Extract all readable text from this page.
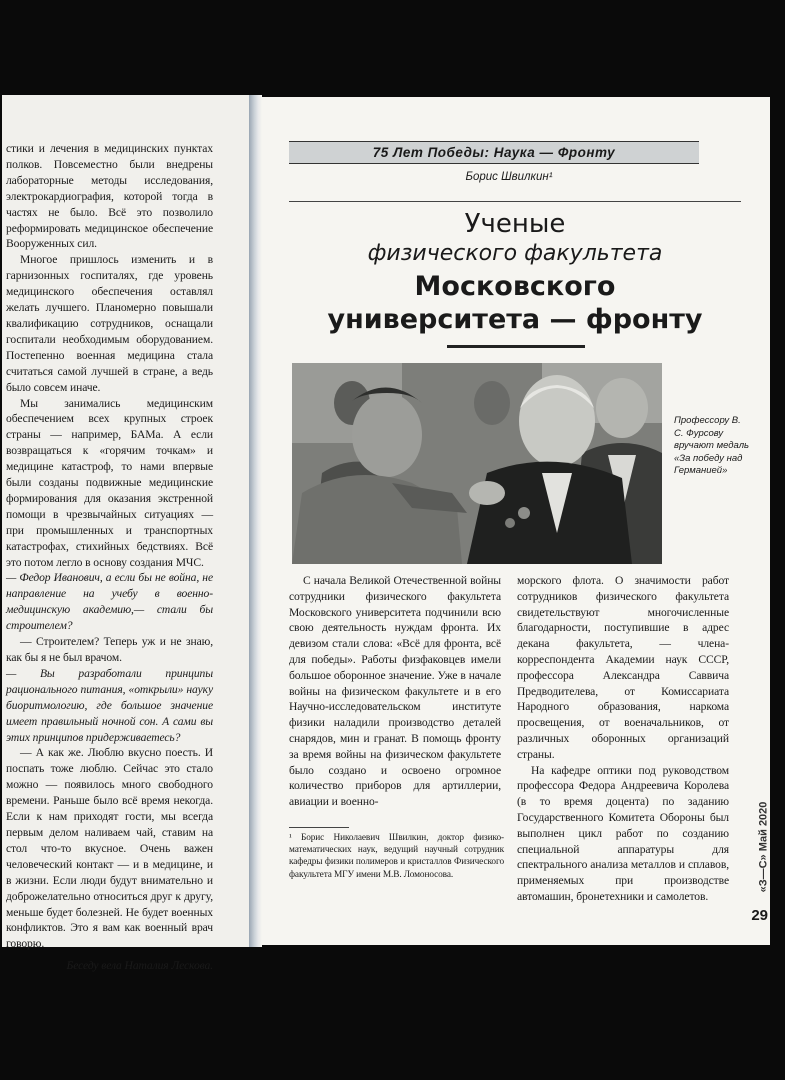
стики и лечения в медицинских пунктах полков. Повсеместно были внедрены лабораторные методы исследования, электрокардиография, которой тогда в частях не было. Всё это позволило реформировать медицинское обеспечение Вооруженных сил.

Многое пришлось изменить и в гарнизонных госпиталях, где уровень медицинского обеспечения оставлял желать лучшего. Планомерно повышали квалификацию сотрудников, оснащали госпитали необходимым оборудованием. Постепенно военная медицина стала считаться самой лучшей в стране, а ведь было совсем иначе.

Мы занимались медицинским обеспечением всех крупных строек страны — например, БАМа. А если возвращаться к «горячим точкам» и медицине катастроф, то нами впервые были созданы подвижные медицинские формирования для оказания экстренной помощи в чрезвычайных ситуациях — при промышленных и транспортных катастрофах, стихийных бедствиях. Всё это потом легло в основу создания МЧС.

— Федор Иванович, а если бы не война, не направление на учебу в военно-медицинскую академию,— стали бы строителем?

— Строителем? Теперь уж и не знаю, как бы я не был врачом.

— Вы разработали принципы рационального питания, «открыли» науку биоритмологию, где большое значение имеет правильный ночной сон. А сами вы этих принципов придерживаетесь?

— А как же. Люблю вкусно поесть. И поспать тоже люблю. Сейчас это стало можно — появилось много свободного времени. Раньше было всё время некогда. Если к нам приходят гости, мы всегда первым делом наливаем чай, ставим на стол что-то вкусное. Очень важен человеческий контакт — и в медицине, и в жизни. Если люди будут внимательно и доброжелательно относиться друг к другу, меньше будет болезней. Не будет военных конфликтов. Это я вам как военный врач говорю.

Беседу вела Наталия Лескова.

75 Лет Победы: Наука — Фронту
Борис Швилкин¹
Ученые
физического факультета
Московского
университета — фронту
Профессору В. С. Фурсову вручают медаль «За победу над Германией»

С начала Великой Отечественной войны сотрудники физического факультета Московского университета подчинили всю свою деятельность нуждам фронта. Их девизом стали слова: «Всё для фронта, всё для победы». Работы физфаковцев имели большое оборонное значение. Уже в начале войны на физическом факультете и в его Научно-исследовательском институте физики наладили производство деталей снарядов, мин и гранат. В помощь фронту за время войны на физическом факультете было создано и освоено огромное количество приборов для артиллерии, авиации и военно-

морского флота. О значимости работ сотрудников физического факультета свидетельствуют многочисленные благодарности, поступившие в адрес декана факультета, — члена-корреспондента Академии наук СССР, профессора Александра Саввича Предводителева, от Комиссариата Народного образования, наркома просвещения, от военачальников, от различных оборонных организаций страны.

На кафедре оптики под руководством профессора Федора Андреевича Королева (в то время доцента) по заданию Государственного Комитета Обороны был выполнен цикл работ по созданию специальной аппаратуры для спектрального анализа металлов и сплавов, применяемых при производстве автомашин, бронетехники и самолетов.

¹ Борис Николаевич Швилкин, доктор физико-математических наук, ведущий научный сотрудник кафедры физики полимеров и кристаллов Физического факультета МГУ имени М.В. Ломоносова.	«З—С» Май 2020
29
